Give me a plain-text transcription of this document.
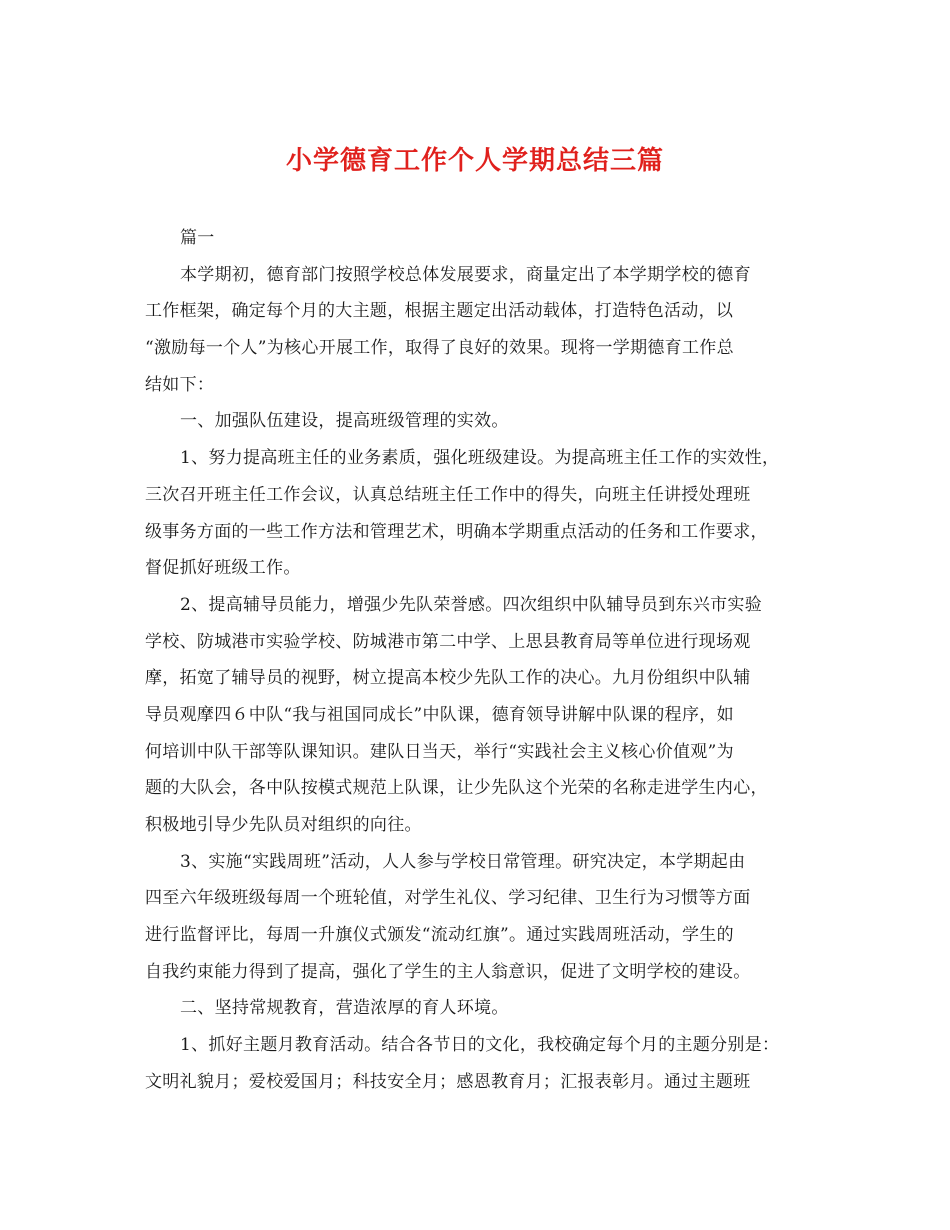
小学德育工作个人学期总结三篇
篇一
本学期初，德育部门按照学校总体发展要求，商量定出了本学期学校的德育
工作框架，确定每个月的大主题，根据主题定出活动载体，打造特色活动，以
“激励每一个人”为核心开展工作，取得了良好的效果。现将一学期德育工作总
结如下：
一、加强队伍建设，提高班级管理的实效。
1、努力提高班主任的业务素质，强化班级建设。为提高班主任工作的实效性，
三次召开班主任工作会议，认真总结班主任工作中的得失，向班主任讲授处理班
级事务方面的一些工作方法和管理艺术，明确本学期重点活动的任务和工作要求，
督促抓好班级工作。
2、提高辅导员能力，增强少先队荣誉感。四次组织中队辅导员到东兴市实验
学校、防城港市实验学校、防城港市第二中学、上思县教育局等单位进行现场观
摩，拓宽了辅导员的视野，树立提高本校少先队工作的决心。九月份组织中队辅
导员观摩四６中队“我与祖国同成长”中队课，德育领导讲解中队课的程序，如
何培训中队干部等队课知识。建队日当天，举行“实践社会主义核心价值观”为
题的大队会，各中队按模式规范上队课，让少先队这个光荣的名称走进学生内心，
积极地引导少先队员对组织的向往。
3、实施“实践周班”活动，人人参与学校日常管理。研究决定，本学期起由
四至六年级班级每周一个班轮值，对学生礼仪、学习纪律、卫生行为习惯等方面
进行监督评比，每周一升旗仪式颁发“流动红旗”。通过实践周班活动，学生的
自我约束能力得到了提高，强化了学生的主人翁意识，促进了文明学校的建设。
二、坚持常规教育，营造浓厚的育人环境。
1、抓好主题月教育活动。结合各节日的文化，我校确定每个月的主题分别是：
文明礼貌月；爱校爱国月；科技安全月；感恩教育月；汇报表彰月。通过主题班
